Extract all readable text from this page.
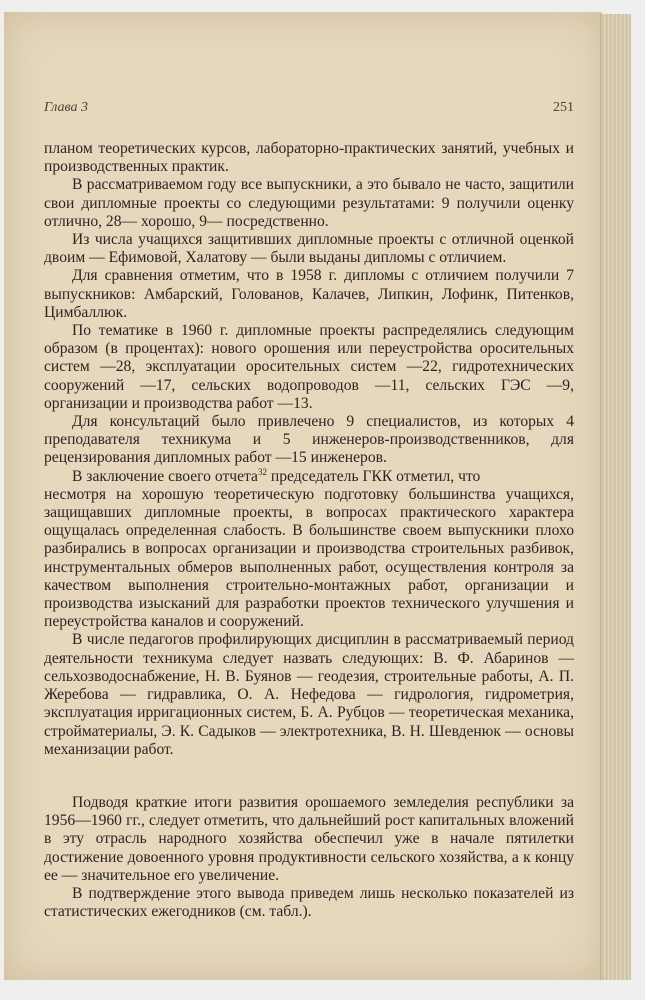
Глава 3	251

планом теоретических курсов, лабораторно-практических занятий, учебных и производственных практик.

В рассматриваемом году все выпускники, а это бывало не часто, защитили свои дипломные проекты со следующими результатами: 9 получили оценку отлично, 28— хорошо, 9— посредственно.

Из числа учащихся защитивших дипломные проекты с отличной оценкой двоим — Ефимовой, Халатову — были выданы дипломы с отличием.

Для сравнения отметим, что в 1958 г. дипломы с отличием получили 7 выпускников: Амбарский, Голованов, Калачев, Липкин, Лофинк, Питенков, Цимбаллюк.

По тематике в 1960 г. дипломные проекты распределялись следующим образом (в процентах): нового орошения или переустройства оросительных систем —28, эксплуатации оросительных систем —22, гидротехнических сооружений —17, сельских водопроводов —11, сельских ГЭС —9, организации и производства работ —13.

Для консультаций было привлечено 9 специалистов, из которых 4 преподавателя техникума и 5 инженеров-производственников, для рецензирования дипломных работ —15 инженеров.

В заключение своего отчета$^{32}$ председатель ГКК отметил, что

несмотря на хорошую теоретическую подготовку большинства учащихся, защищавших дипломные проекты, в вопросах практического характера ощущалась определенная слабость. В большинстве своем выпускники плохо разбирались в вопросах организации и производства строительных разбивок, инструментальных обмеров выполненных работ, осуществления контроля за качеством выполнения строительно-монтажных работ, организации и производства изысканий для разработки проектов технического улучшения и переустройства каналов и сооружений.

В числе педагогов профилирующих дисциплин в рассматриваемый период деятельности техникума следует назвать следующих: В. Ф. Абаринов — сельхозводоснабжение, Н. В. Буянов — геодезия, строительные работы, А. П. Жеребова — гидравлика, О. А. Нефедова — гидрология, гидрометрия, эксплуатация ирригационных систем, Б. А. Рубцов — теоретическая механика, стройматериалы, Э. К. Садыков — электротехника, В. Н. Шевденюк — основы механизации работ.

Подводя краткие итоги развития орошаемого земледелия республики за 1956—1960 гг., следует отметить, что дальнейший рост капитальных вложений в эту отрасль народного хозяйства обеспечил уже в начале пятилетки достижение довоенного уровня продуктивности сельского хозяйства, а к концу ее — значительное его увеличение.

В подтверждение этого вывода приведем лишь несколько показателей из статистических ежегодников (см. табл.).
